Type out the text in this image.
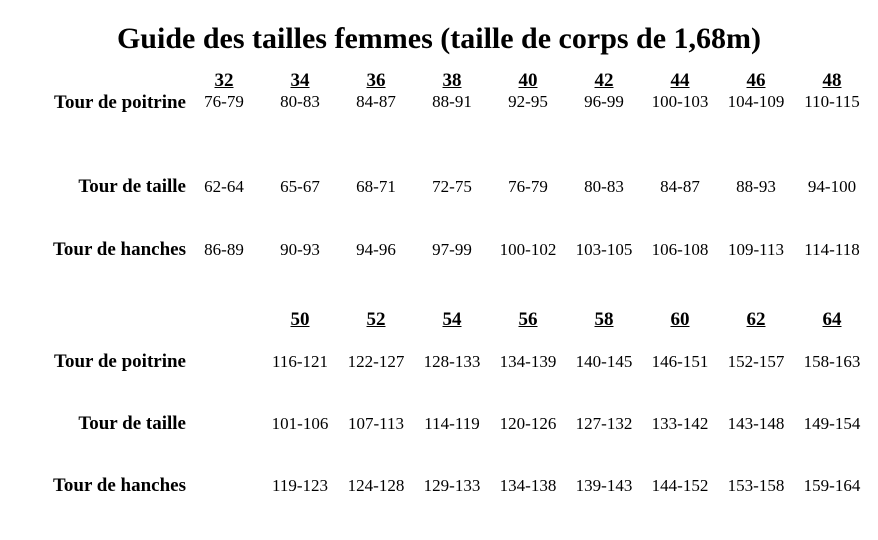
Guide des tailles femmes (taille de corps de 1,68m)
	32	34	36	38	40	42	44	46	48
Tour de poitrine	76-79	80-83	84-87	88-91	92-95	96-99	100-103	104-109	110-115
Tour de taille	62-64	65-67	68-71	72-75	76-79	80-83	84-87	88-93	94-100
Tour de hanches	86-89	90-93	94-96	97-99	100-102	103-105	106-108	109-113	114-118
		50	52	54	56	58	60	62	64
Tour de poitrine		116-121	122-127	128-133	134-139	140-145	146-151	152-157	158-163
Tour de taille		101-106	107-113	114-119	120-126	127-132	133-142	143-148	149-154
Tour de hanches		119-123	124-128	129-133	134-138	139-143	144-152	153-158	159-164
